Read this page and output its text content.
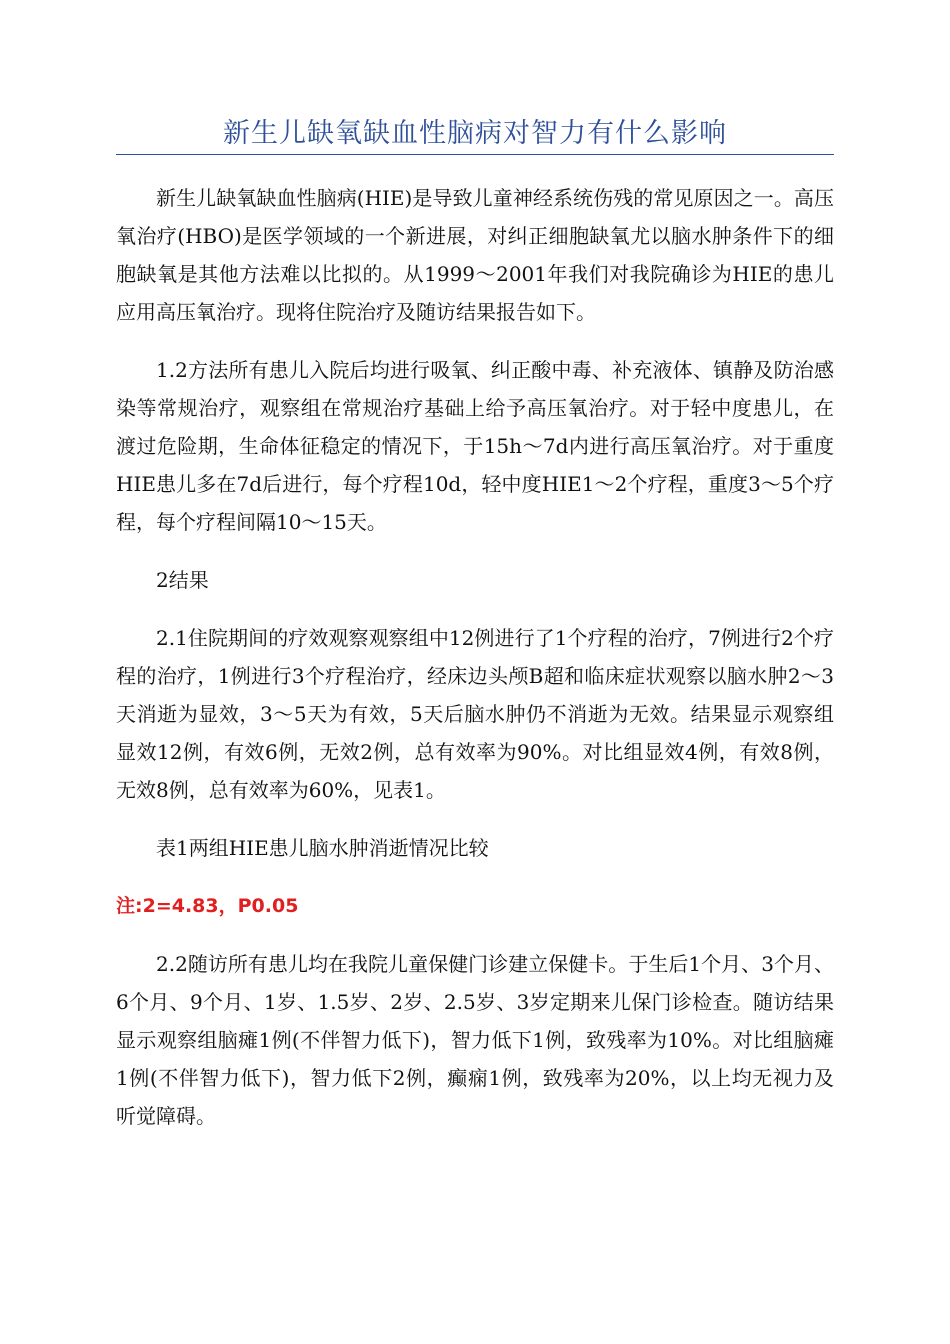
新生儿缺氧缺血性脑病对智力有什么影响

新生儿缺氧缺血性脑病(HIE)是导致儿童神经系统伤残的常见原因之一。高压氧治疗(HBO)是医学领域的一个新进展，对纠正细胞缺氧尤以脑水肿条件下的细胞缺氧是其他方法难以比拟的。从1999～2001年我们对我院确诊为HIE的患儿应用高压氧治疗。现将住院治疗及随访结果报告如下。

1.2方法所有患儿入院后均进行吸氧、纠正酸中毒、补充液体、镇静及防治感染等常规治疗，观察组在常规治疗基础上给予高压氧治疗。对于轻中度患儿，在渡过危险期，生命体征稳定的情况下，于15h～7d内进行高压氧治疗。对于重度HIE患儿多在7d后进行，每个疗程10d，轻中度HIE1～2个疗程，重度3～5个疗程，每个疗程间隔10～15天。

2结果

2.1住院期间的疗效观察观察组中12例进行了1个疗程的治疗，7例进行2个疗程的治疗，1例进行3个疗程治疗，经床边头颅B超和临床症状观察以脑水肿2～3天消逝为显效，3～5天为有效，5天后脑水肿仍不消逝为无效。结果显示观察组显效12例，有效6例，无效2例，总有效率为90%。对比组显效4例，有效8例，无效8例，总有效率为60%，见表1。

表1两组HIE患儿脑水肿消逝情况比较

注:2=4.83，P0.05

2.2随访所有患儿均在我院儿童保健门诊建立保健卡。于生后1个月、3个月、6个月、9个月、1岁、1.5岁、2岁、2.5岁、3岁定期来儿保门诊检查。随访结果显示观察组脑瘫1例(不伴智力低下)，智力低下1例，致残率为10%。对比组脑瘫1例(不伴智力低下)，智力低下2例，癫痫1例，致残率为20%，以上均无视力及听觉障碍。
